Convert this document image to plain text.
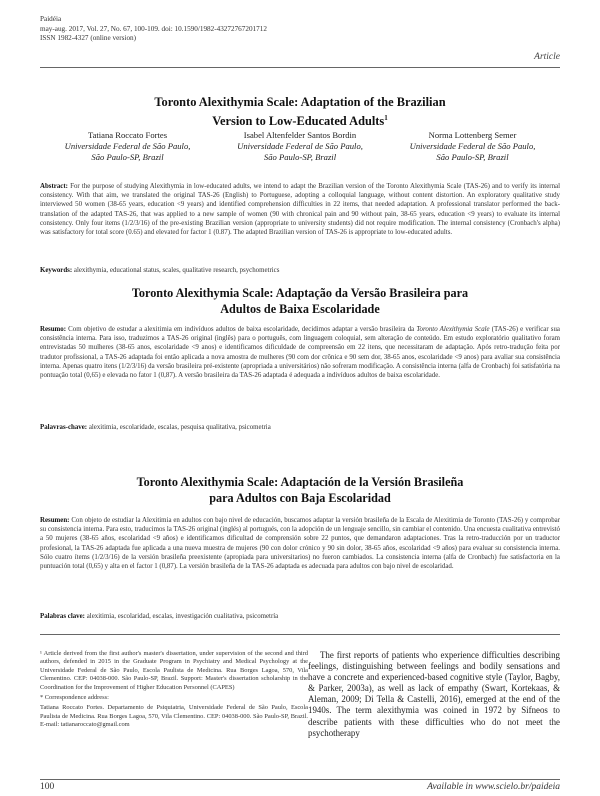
Paidéia
may-aug. 2017, Vol. 27, No. 67, 100-109. doi: 10.1590/1982-43272767201712
ISSN 1982-4327 (online version)
Article
Toronto Alexithymia Scale: Adaptation of the Brazilian
Version to Low-Educated Adults$^1$
Tatiana Roccato Fortes
Universidade Federal de São Paulo,
São Paulo-SP, Brazil
Isabel Altenfelder Santos Bordin
Universidade Federal de São Paulo,
São Paulo-SP, Brazil
Norma Lottenberg Semer
Universidade Federal de São Paulo,
São Paulo-SP, Brazil
Abstract: For the purpose of studying Alexithymia in low-educated adults, we intend to adapt the Brazilian version of the Toronto Alexithymia Scale (TAS-26) and to verify its internal consistency. With that aim, we translated the original TAS-26 (English) to Portuguese, adopting a colloquial language, without content distortion. An exploratory qualitative study interviewed 50 women (38-65 years, education <9 years) and identified comprehension difficulties in 22 items, that needed adaptation. A professional translator performed the back-translation of the adapted TAS-26, that was applied to a new sample of women (90 with chronical pain and 90 without pain, 38-65 years, education <9 years) to evaluate its internal consistency. Only four items (1/2/3/16) of the pre-existing Brazilian version (appropriate to university students) did not require modification. The internal consistency (Cronbach's alpha) was satisfactory for total score (0.65) and elevated for factor 1 (0.87). The adapted Brazilian version of TAS-26 is appropriate to low-educated adults.
Keywords: alexithymia, educational status, scales, qualitative research, psychometrics
Toronto Alexithymia Scale: Adaptação da Versão Brasileira para
Adultos de Baixa Escolaridade
Resumo: Com objetivo de estudar a alexitimia em indivíduos adultos de baixa escolaridade, decidimos adaptar a versão brasileira da Toronto Alexithymia Scale (TAS-26) e verificar sua consistência interna. Para isso, traduzimos a TAS-26 original (inglês) para o português, com linguagem coloquial, sem alteração de conteúdo. Em estudo exploratório qualitativo foram entrevistadas 50 mulheres (38-65 anos, escolaridade <9 anos) e identificamos dificuldade de compreensão em 22 itens, que necessitaram de adaptação. Após retro-tradução feita por tradutor profissional, a TAS-26 adaptada foi então aplicada a nova amostra de mulheres (90 com dor crônica e 90 sem dor, 38-65 anos, escolaridade <9 anos) para avaliar sua consistência interna. Apenas quatro itens (1/2/3/16) da versão brasileira pré-existente (apropriada a universitários) não sofreram modificação. A consistência interna (alfa de Cronbach) foi satisfatória na pontuação total (0,65) e elevada no fator 1 (0,87). A versão brasileira da TAS-26 adaptada é adequada a indivíduos adultos de baixa escolaridade.
Palavras-chave: alexitimia, escolaridade, escalas, pesquisa qualitativa, psicometria
Toronto Alexithymia Scale: Adaptación de la Versión Brasileña
para Adultos con Baja Escolaridad
Resumen: Con objeto de estudiar la Alexitimia en adultos con bajo nivel de educación, buscamos adaptar la versión brasileña de la Escala de Alexitimia de Toronto (TAS-26) y comprobar su consistencia interna. Para esto, traducimos la TAS-26 original (inglés) al portugués, con la adopción de un lenguaje sencillo, sin cambiar el contenido. Una encuesta cualitativa entrevistó a 50 mujeres (38-65 años, escolaridad <9 años) e identificamos dificultad de comprensión sobre 22 puntos, que demandaron adaptaciones. Tras la retro-traducción por un traductor profesional, la TAS-26 adaptada fue aplicada a una nueva muestra de mujeres (90 con dolor crónico y 90 sin dolor, 38-65 años, escolaridad <9 años) para evaluar su consistencia interna. Sólo cuatro ítems (1/2/3/16) de la versión brasileña preexistente (apropiada para universitarios) no fueron cambiados. La consistencia interna (alfa de Cronbach) fue satisfactoria en la puntuación total (0,65) y alta en el factor 1 (0,87). La versión brasileña de la TAS-26 adaptada es adecuada para adultos con bajo nivel de escolaridad.
Palabras clave: alexitimia, escolaridad, escalas, investigación cualitativa, psicometría

¹ Article derived from the first author's master's dissertation, under supervision of the second and third authors, defended in 2015 in the Graduate Program in Psychiatry and Medical Psychology at the Universidade Federal de São Paulo, Escola Paulista de Medicina. Rua Borges Lagoa, 570, Vila Clementino. CEP: 04038-000. São Paulo-SP, Brazil. Support: Master's dissertation scholarship in the Coordination for the Improvement of Higher Education Personnel (CAPES)

* Correspondence address:

Tatiana Roccato Fortes. Departamento de Psiquiatria, Universidade Federal de São Paulo, Escola Paulista de Medicina. Rua Borges Lagoa, 570, Vila Clementino. CEP: 04038-000. São Paulo-SP, Brazil. E-mail: tatianaroccato@gmail.com

The first reports of patients who experience difficulties describing feelings, distinguishing between feelings and bodily sensations and have a concrete and experienced-based cognitive style (Taylor, Bagby, & Parker, 2003a), as well as lack of empathy (Swart, Kortekaas, & Aleman, 2009; Di Tella & Castelli, 2016), emerged at the end of the 1940s. The term alexithymia was coined in 1972 by Sifneos to describe patients with these difficulties who do not meet the psychotherapy
100	Available in www.scielo.br/paideia
